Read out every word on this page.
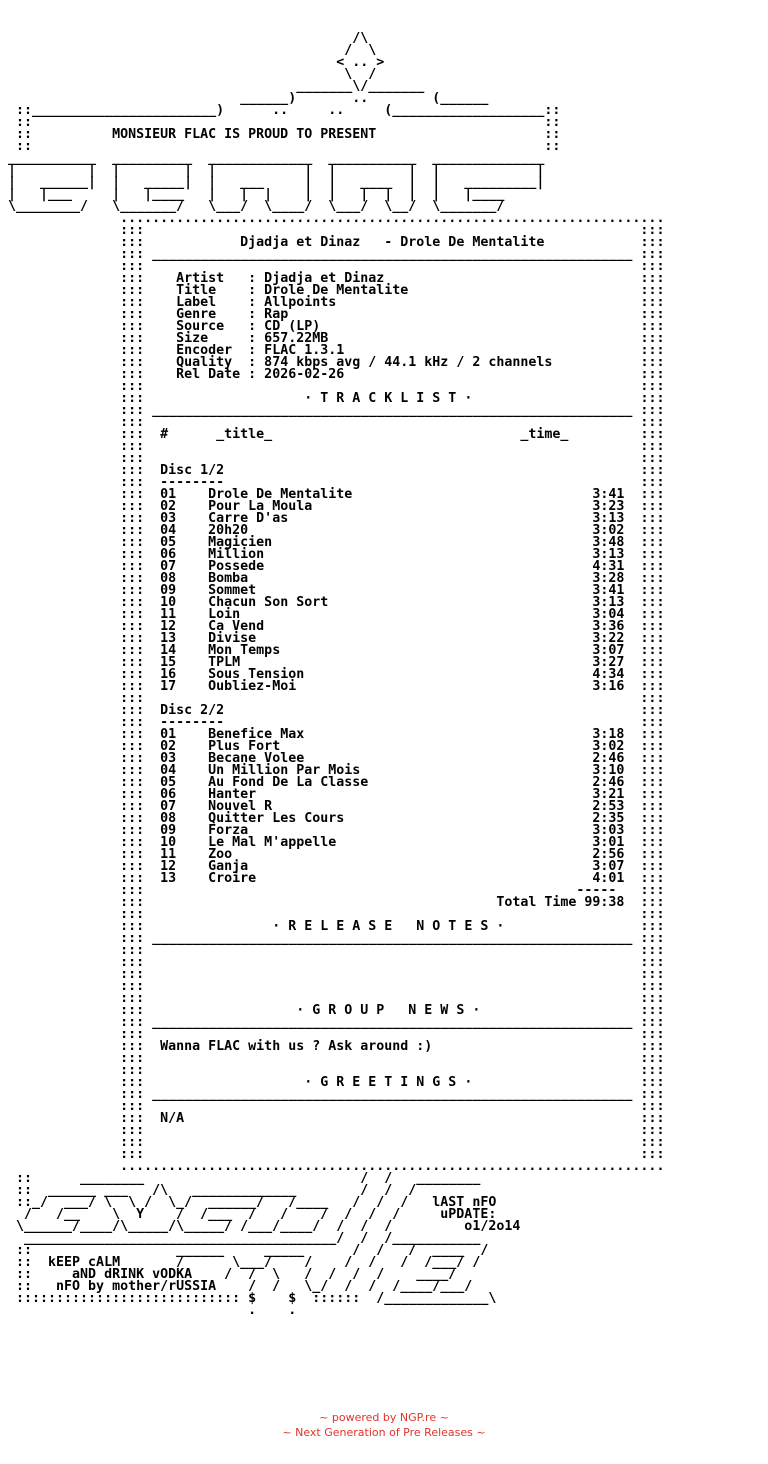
/\
/  \
< .. >
\  /
_______\/_______
______)       ..        (______
::_______________________)      ..     ..     (___________________::
::                                                                ::
::          MONSIEUR FLAC IS PROUD TO PRESENT                     ::
::                                                                ::
___________  __________  _____________  ___________  ______________
|         |  |        |  |           |  |         |  |            |
|   ______|  |   _____|  |   ___     |  |   ____  |  |   _________|
|   |___     |   |____   |   |  |    |  |   |  |  |  |   |____
\________/   \_______/   \___/  \____/  \___/  \__/  \_______/
....................................................................
:::                                                              :::
:::            Djadja et Dinaz   - Drole De Mentalite            :::
::: ____________________________________________________________ :::
:::                                                              :::
:::    Artist   : Djadja et Dinaz                                :::
:::    Title    : Drole De Mentalite                             :::
:::    Label    : Allpoints                                      :::
:::    Genre    : Rap                                            :::
:::    Source   : CD (LP)                                        :::
:::    Size     : 657.22MB                                       :::
:::    Encoder  : FLAC 1.3.1                                     :::
:::    Quality  : 874 kbps avg / 44.1 kHz / 2 channels           :::
:::    Rel Date : 2026-02-26                                     :::
:::                                                              :::
:::                    · T R A C K L I S T ·                     :::
::: ____________________________________________________________ :::
:::                                                              :::
:::  #      _title_                               _time_         :::
:::                                                              :::
:::                                                              :::
:::  Disc 1/2                                                    :::
:::  --------                                                    :::
:::  01    Drole De Mentalite                              3:41  :::
:::  02    Pour La Moula                                   3:23  :::
:::  03    Carre D'as                                      3:13  :::
:::  04    20h20                                           3:02  :::
:::  05    Magicien                                        3:48  :::
:::  06    Million                                         3:13  :::
:::  07    Possede                                         4:31  :::
:::  08    Bomba                                           3:28  :::
:::  09    Sommet                                          3:41  :::
:::  10    Chacun Son Sort                                 3:13  :::
:::  11    Loin                                            3:04  :::
:::  12    Ca Vend                                         3:36  :::
:::  13    Divise                                          3:22  :::
:::  14    Mon Temps                                       3:07  :::
:::  15    TPLM                                            3:27  :::
:::  16    Sous Tension                                    4:34  :::
:::  17    Oubliez-Moi                                     3:16  :::
:::                                                              :::
:::  Disc 2/2                                                    :::
:::  --------                                                    :::
:::  01    Benefice Max                                    3:18  :::
:::  02    Plus Fort                                       3:02  :::
:::  03    Becane Volee                                    2:46  :::
:::  04    Un Million Par Mois                             3:10  :::
:::  05    Au Fond De La Classe                            2:46  :::
:::  06    Hanter                                          3:21  :::
:::  07    Nouvel R                                        2:53  :::
:::  08    Quitter Les Cours                               2:35  :::
:::  09    Forza                                           3:03  :::
:::  10    Le Mal M'appelle                                3:01  :::
:::  11    Zoo                                             2:56  :::
:::  12    Ganja                                           3:07  :::
:::  13    Croire                                          4:01  :::
:::                                                      -----   :::
:::                                            Total Time 99:38  :::
:::                                                              :::
:::                · R E L E A S E   N O T E S ·                 :::
::: ____________________________________________________________ :::
:::                                                              :::
:::                                                              :::
:::                                                              :::
:::                                                              :::
:::                                                              :::
:::                   · G R O U P   N E W S ·                    :::
::: ____________________________________________________________ :::
:::                                                              :::
:::  Wanna FLAC with us ? Ask around :)                          :::
:::                                                              :::
:::                                                              :::
:::                    · G R E E T I N G S ·                     :::
::: ____________________________________________________________ :::
:::                                                              :::
:::  N/A                                                         :::
:::                                                              :::
:::                                                              :::
:::                                                              :::
....................................................................
::      ________                           /  /   ________
::  ______ ___   /\   _____________        /  /  /
::_/  ___/ \  \ /  \_/  ______/   /____   /  /  /   lAST nFO
/   /__    \  Y    /  /___  /   /    /  /  /  /     uPDATE:
\______/____/\_____/\_____/ /___/____/  /  /  /         o1/2o14
_______________________________________/  /  /___________
::                  ______     _____      /  /   /  ____  /
::  kEEP cALM       /      \___/    /    /  /   /  /___/ /
::     aND dRINK vODKA    /  /  \   /  /  /  /    ____/
::   nFO by mother/rUSSIA    /  /   \_/  /  /  /____/___/
:::::::::::::::::::::::::::: $    $  ::::::  /_____________\
.    .

~ powered by NGP.re ~
~ Next Generation of Pre Releases ~
